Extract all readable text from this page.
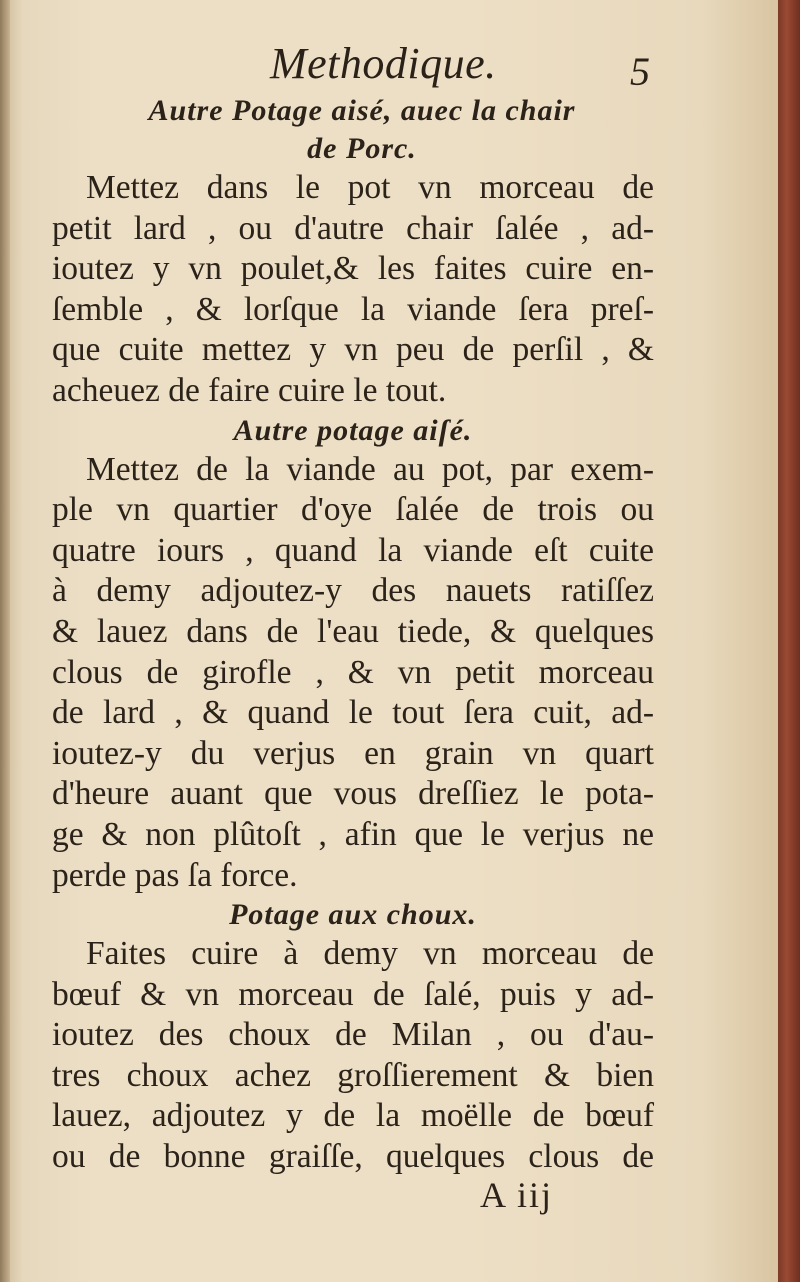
Methodique.	5
Autre Potage aisé, auec la chair
de Porc.
Mettez dans le pot vn morceau de
petit lard , ou d'autre chair ſalée , ad-
ioutez y vn poulet,& les faites cuire en-
ſemble , & lorſque la viande ſera preſ-
que cuite mettez y vn peu de perſil , &
acheuez de faire cuire le tout.
Autre potage aiſé.
Mettez de la viande au pot, par exem-
ple vn quartier d'oye ſalée de trois ou
quatre iours , quand la viande eſt cuite
à demy adjoutez-y des nauets ratiſſez
& lauez dans de l'eau tiede, & quelques
clous de girofle , & vn petit morceau
de lard , & quand le tout ſera cuit, ad-
ioutez-y du verjus en grain vn quart
d'heure auant que vous dreſſiez le pota-
ge & non plûtoſt , afin que le verjus ne
perde pas ſa force.
Potage aux choux.
Faites cuire à demy vn morceau de
bœuf & vn morceau de ſalé, puis y ad-
ioutez des choux de Milan , ou d'au-
tres choux achez groſſierement & bien
lauez, adjoutez y de la moëlle de bœuf
ou de bonne graiſſe, quelques clous de
A iij
